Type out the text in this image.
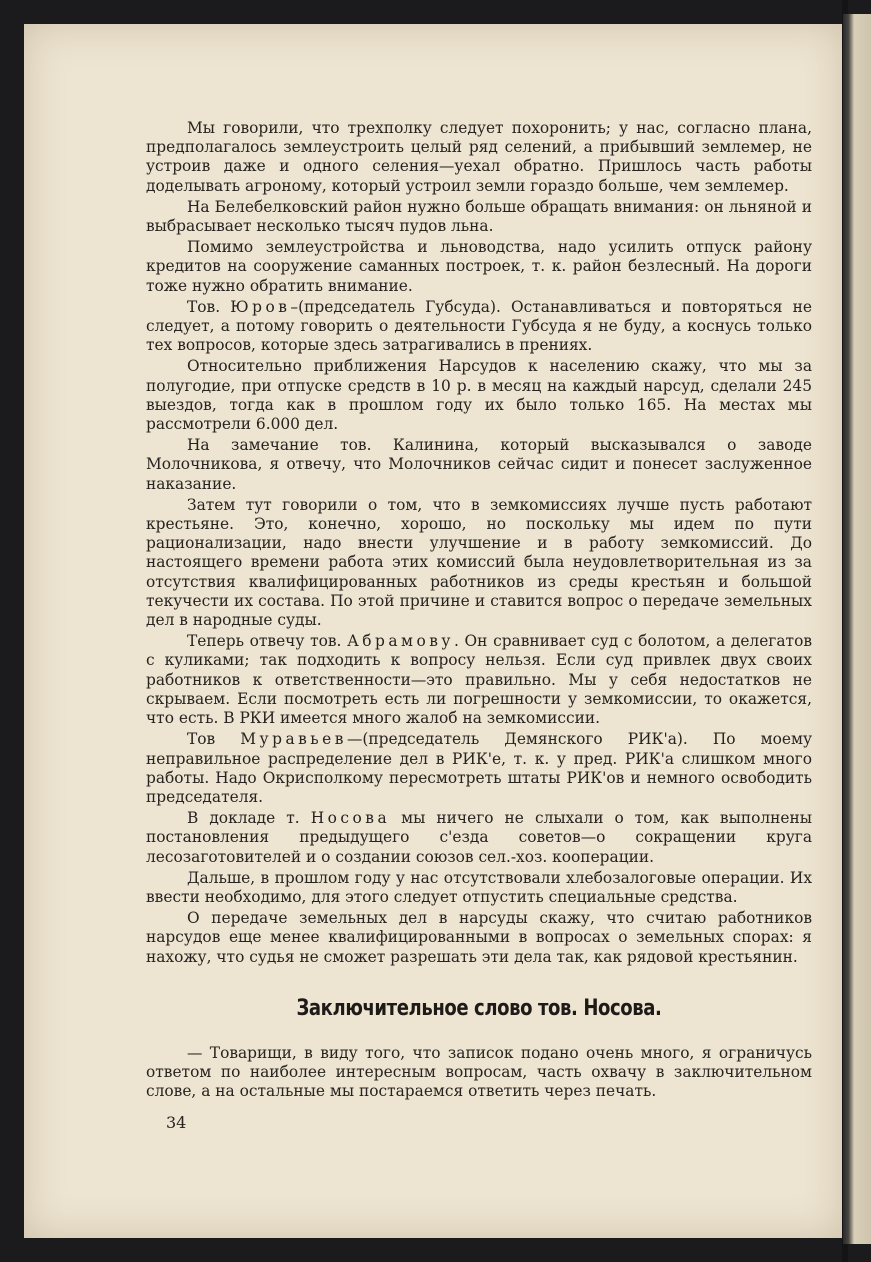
Мы говорили, что трехполку следует похоронить; у нас, согласно плана, предполагалось землеустроить целый ряд селений, а прибывший землемер, не устроив даже и одного селения—уехал обратно. Пришлось часть работы доделывать агроному, который устроил земли гораздо больше, чем землемер.

На Белебелковский район нужно больше обращать внимания: он льняной и выбрасывает несколько тысяч пудов льна.

Помимо землеустройства и льноводства, надо усилить отпуск району кредитов на сооружение саманных построек, т. к. район безлесный. На дороги тоже нужно обратить внимание.

Тов. Юров–(председатель Губсуда). Останавливаться и повторяться не следует, а потому говорить о деятельности Губсуда я не буду, а коснусь только тех вопросов, которые здесь затрагивались в прениях.

Относительно приближения Нарсудов к населению скажу, что мы за полугодие, при отпуске средств в 10 р. в месяц на каждый нарсуд, сделали 245 выездов, тогда как в прошлом году их было только 165. На местах мы рассмотрели 6.000 дел.

На замечание тов. Калинина, который высказывался о заводе Молочникова, я отвечу, что Молочников сейчас сидит и понесет заслуженное наказание.

Затем тут говорили о том, что в земкомиссиях лучше пусть работают крестьяне. Это, конечно, хорошо, но поскольку мы идем по пути рационализации, надо внести улучшение и в работу земкомиссий. До настоящего времени работа этих комиссий была неудовлетворительная из за отсутствия квалифицированных работников из среды крестьян и большой текучести их состава. По этой причине и ставится вопрос о передаче земельных дел в народные суды.

Теперь отвечу тов. Абрамову. Он сравнивает суд с болотом, а делегатов с куликами; так подходить к вопросу нельзя. Если суд привлек двух своих работников к ответственности—это правильно. Мы у себя недостатков не скрываем. Если посмотреть есть ли погрешности у земкомиссии, то окажется, что есть. В РКИ имеется много жалоб на земкомиссии.

Тов Муравьев—(председатель Демянского РИК'а). По моему неправильное распределение дел в РИК'е, т. к. у пред. РИК'а слишком много работы. Надо Окрисполкому пересмотреть штаты РИК'ов и немного освободить председателя.

В докладе т. Носова мы ничего не слыхали о том, как выполнены постановления предыдущего с'езда советов—о сокращении круга лесозаготовителей и о создании союзов сел.-хоз. кооперации.

Дальше, в прошлом году у нас отсутствовали хлебозалоговые операции. Их ввести необходимо, для этого следует отпустить специальные средства.

О передаче земельных дел в нарсуды скажу, что считаю работников нарсудов еще менее квалифицированными в вопросах о земельных спорах: я нахожу, что судья не сможет разрешать эти дела так, как рядовой крестьянин.

Заключительное слово тов. Носова.

— Товарищи, в виду того, что записок подано очень много, я ограничусь ответом по наиболее интересным вопросам, часть охвачу в заключительном слове, а на остальные мы постараемся ответить через печать.

34
